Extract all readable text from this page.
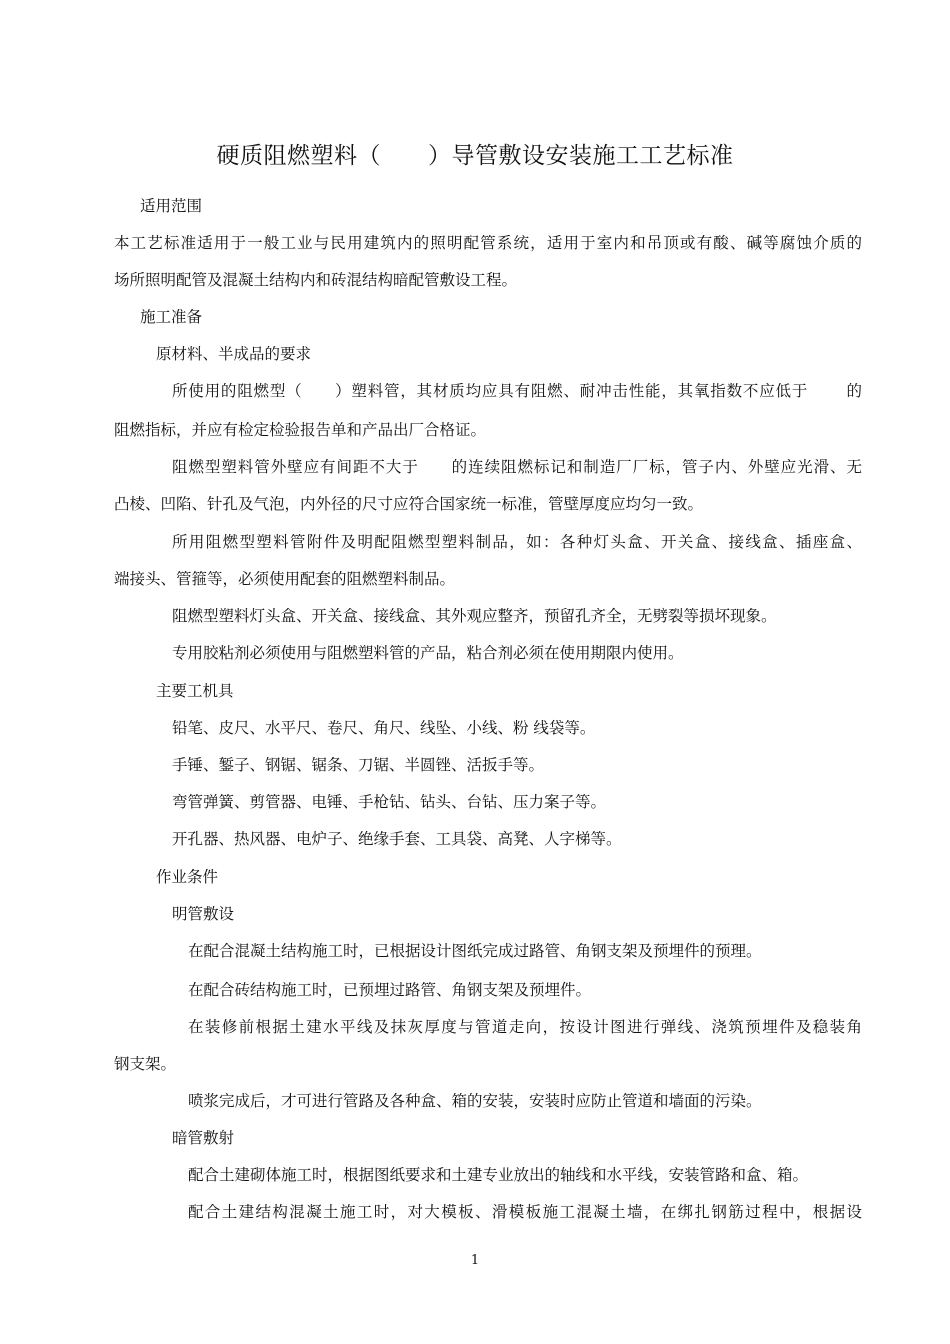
硬质阻燃塑料（　　）导管敷设安装施工工艺标准
适用范围
本工艺标准适用于一般工业与民用建筑内的照明配管系统，适用于室内和吊顶或有酸、碱等腐蚀介质的
场所照明配管及混凝土结构内和砖混结构暗配管敷设工程。
施工准备
原材料、半成品的要求
所使用的阻燃型（　　）塑料管，其材质均应具有阻燃、耐冲击性能，其氧指数不应低于　　 的
阻燃指标，并应有检定检验报告单和产品出厂合格证。
阻燃型塑料管外壁应有间距不大于　　的连续阻燃标记和制造厂厂标，管子内、外壁应光滑、无
凸棱、凹陷、针孔及气泡，内外径的尺寸应符合国家统一标准，管壁厚度应均匀一致。
所用阻燃型塑料管附件及明配阻燃型塑料制品，如：各种灯头盒、开关盒、接线盒、插座盒、
端接头、管箍等，必须使用配套的阻燃塑料制品。
阻燃型塑料灯头盒、开关盒、接线盒、其外观应整齐，预留孔齐全，无劈裂等损坏现象。
专用胶粘剂必须使用与阻燃塑料管的产品，粘合剂必须在使用期限内使用。
主要工机具
铅笔、皮尺、水平尺、卷尺、角尺、线坠、小线、粉 线袋等。
手锤、錾子、钢锯、锯条、刀锯、半圆锉、活扳手等。
弯管弹簧、剪管器、电锤、手枪钻、钻头、台钻、压力案子等。
开孔器、热风器、电炉子、绝缘手套、工具袋、高凳、人字梯等。
作业条件
明管敷设
在配合混凝土结构施工时，已根据设计图纸完成过路管、角钢支架及预埋件的预理。
在配合砖结构施工时，已预埋过路管、角钢支架及预埋件。
在装修前根据土建水平线及抹灰厚度与管道走向，按设计图进行弹线、浇筑预埋件及稳装角
钢支架。
喷浆完成后，才可进行管路及各种盒、箱的安装，安装时应防止管道和墙面的污染。
暗管敷射
配合土建砌体施工时，根据图纸要求和土建专业放出的轴线和水平线，安装管路和盒、箱。
配合土建结构混凝土施工时，对大模板、滑模板施工混凝土墙，在绑扎钢筋过程中，根据设
1
